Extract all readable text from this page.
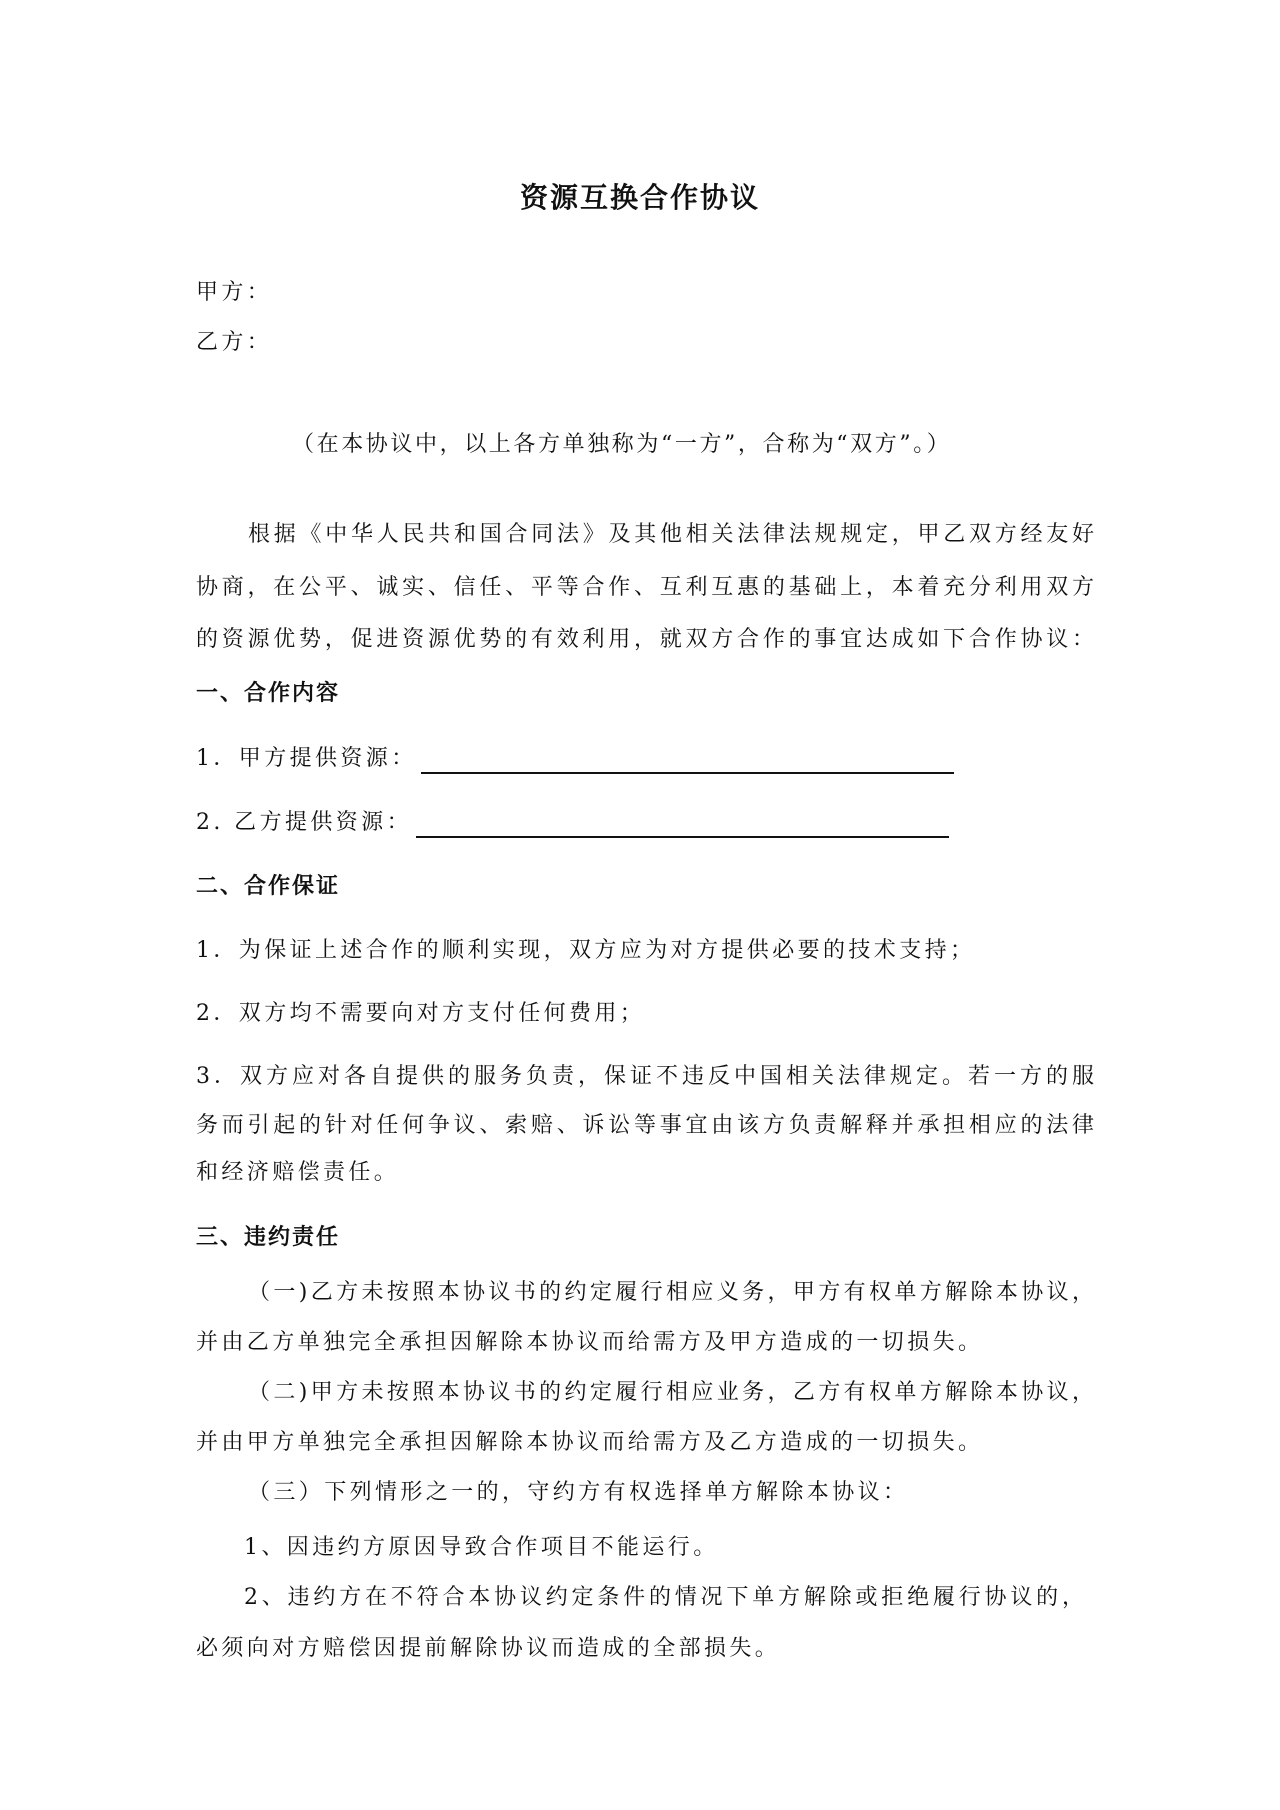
资源互换合作协议
甲方：
乙方：
（在本协议中，以上各方单独称为“一方”，合称为“双方”。）
根据《中华人民共和国合同法》及其他相关法律法规规定，甲乙双方经友好
协商，在公平、诚实、信任、平等合作、互利互惠的基础上，本着充分利用双方
的资源优势，促进资源优势的有效利用，就双方合作的事宜达成如下合作协议：
一、合作内容
1．甲方提供资源：
2. 乙方提供资源：
二、合作保证
1．为保证上述合作的顺利实现，双方应为对方提供必要的技术支持；
2．双方均不需要向对方支付任何费用；
3．双方应对各自提供的服务负责，保证不违反中国相关法律规定。若一方的服
务而引起的针对任何争议、索赔、诉讼等事宜由该方负责解释并承担相应的法律
和经济赔偿责任。
三、违约责任
（一)乙方未按照本协议书的约定履行相应义务，甲方有权单方解除本协议，
并由乙方单独完全承担因解除本协议而给需方及甲方造成的一切损失。
（二)甲方未按照本协议书的约定履行相应业务，乙方有权单方解除本协议，
并由甲方单独完全承担因解除本协议而给需方及乙方造成的一切损失。
（三）下列情形之一的，守约方有权选择单方解除本协议：
1、因违约方原因导致合作项目不能运行。
2、违约方在不符合本协议约定条件的情况下单方解除或拒绝履行协议的，
必须向对方赔偿因提前解除协议而造成的全部损失。
